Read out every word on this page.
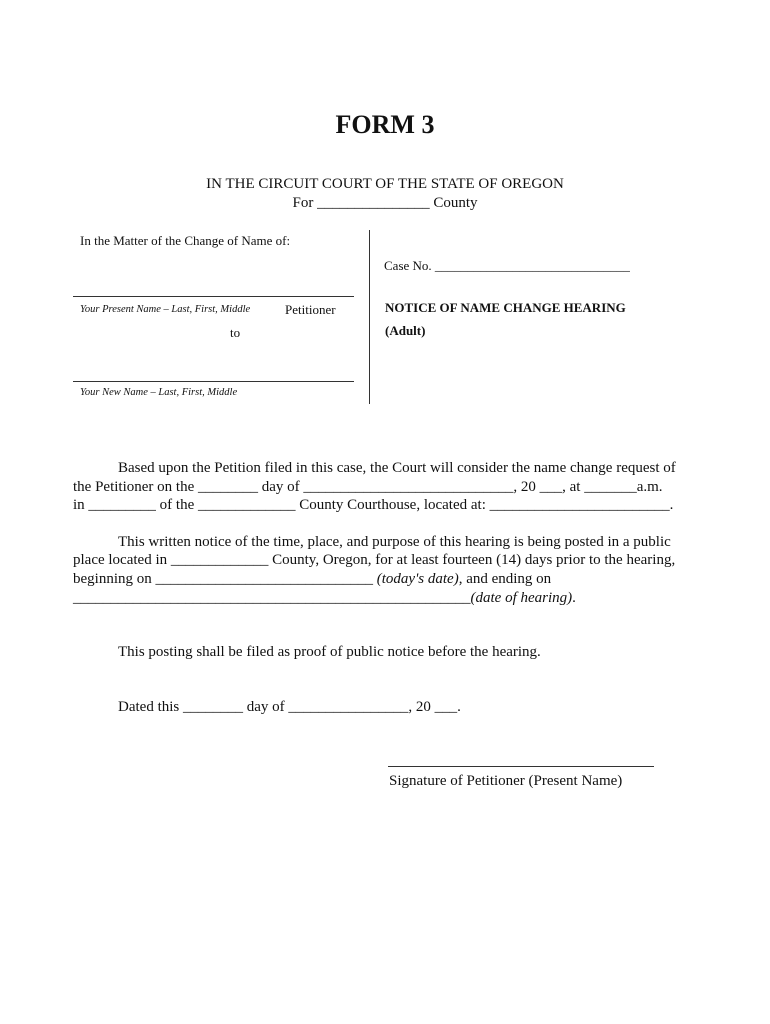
FORM 3
IN THE CIRCUIT COURT OF THE STATE OF OREGON
For _______________ County
In the Matter of the Change of Name of:
Your Present Name – Last, First, Middle	Petitioner
to
Your New Name – Last, First, Middle
Case No. ______________________________
NOTICE OF NAME CHANGE HEARING
(Adult)
Based upon the Petition filed in this case, the Court will consider the name change request of
the Petitioner on the ________ day of ____________________________, 20 ___, at _______a.m.
in _________ of the _____________ County Courthouse, located at: ________________________.
This written notice of the time, place, and purpose of this hearing is being posted in a public
place located in _____________ County, Oregon, for at least fourteen (14) days prior to the hearing,
beginning on _____________________________ (today's date), and ending on
_____________________________________________________(date of hearing).
This posting shall be filed as proof of public notice before the hearing.
Dated this ________ day of ________________, 20 ___.
Signature of Petitioner (Present Name)
